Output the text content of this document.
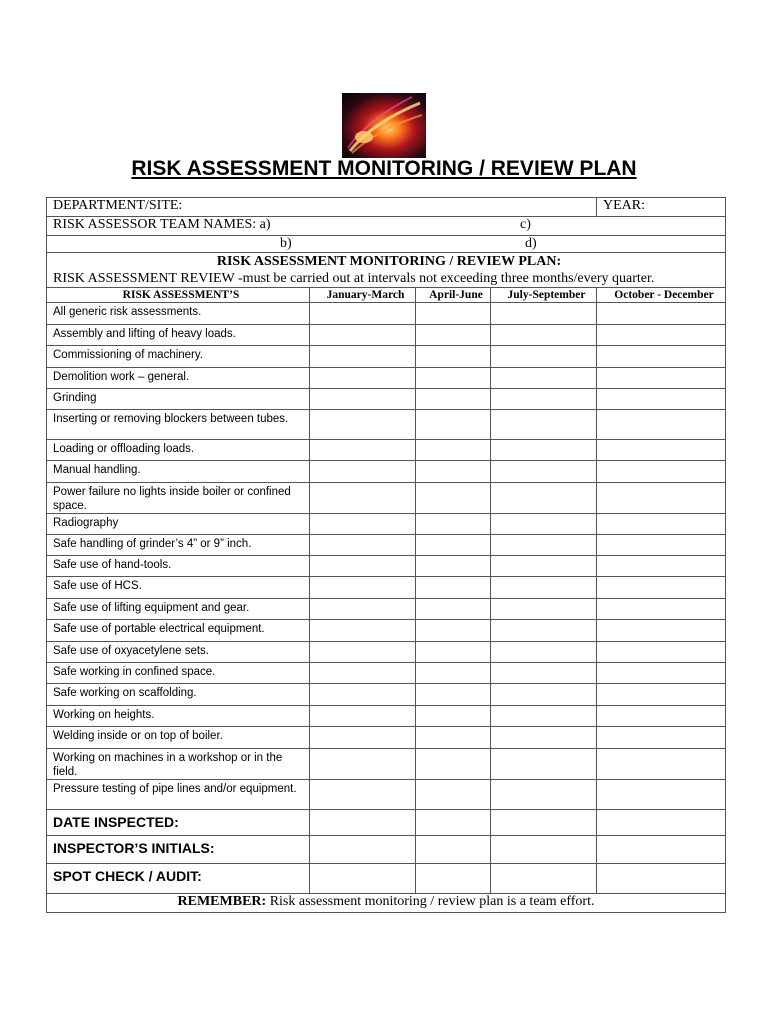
RISK ASSESSMENT MONITORING / REVIEW PLAN
DEPARTMENT/SITE:				YEAR:
RISK ASSESSOR TEAM NAMES: a) c)				

b) d)				

RISK ASSESSMENT MONITORING / REVIEW PLAN:
RISK ASSESSMENT REVIEW -must be carried out at intervals not exceeding three months/every quarter.				

RISK ASSESSMENT’S	January-March	April-June	July-September	October - December
All generic risk assessments.				
Assembly and lifting of heavy loads.				
Commissioning of machinery.				
Demolition work – general.				
Grinding				
Inserting or removing blockers between tubes.				
Loading or offloading loads.				
Manual handling.				
Power failure no lights inside boiler or confined space.				
Radiography				
Safe handling of grinder’s 4” or 9” inch.				
Safe use of hand-tools.				
Safe use of HCS.				
Safe use of lifting equipment and gear.				
Safe use of portable electrical equipment.				
Safe use of oxyacetylene sets.				
Safe working in confined space.				
Safe working on scaffolding.				
Working on heights.				
Welding inside or on top of boiler.				
Working on machines in a workshop or in the field.				
Pressure testing of pipe lines and/or equipment.				
DATE INSPECTED:				
INSPECTOR’S INITIALS:				
SPOT CHECK / AUDIT:				
REMEMBER: Risk assessment monitoring / review plan is a team effort.				
